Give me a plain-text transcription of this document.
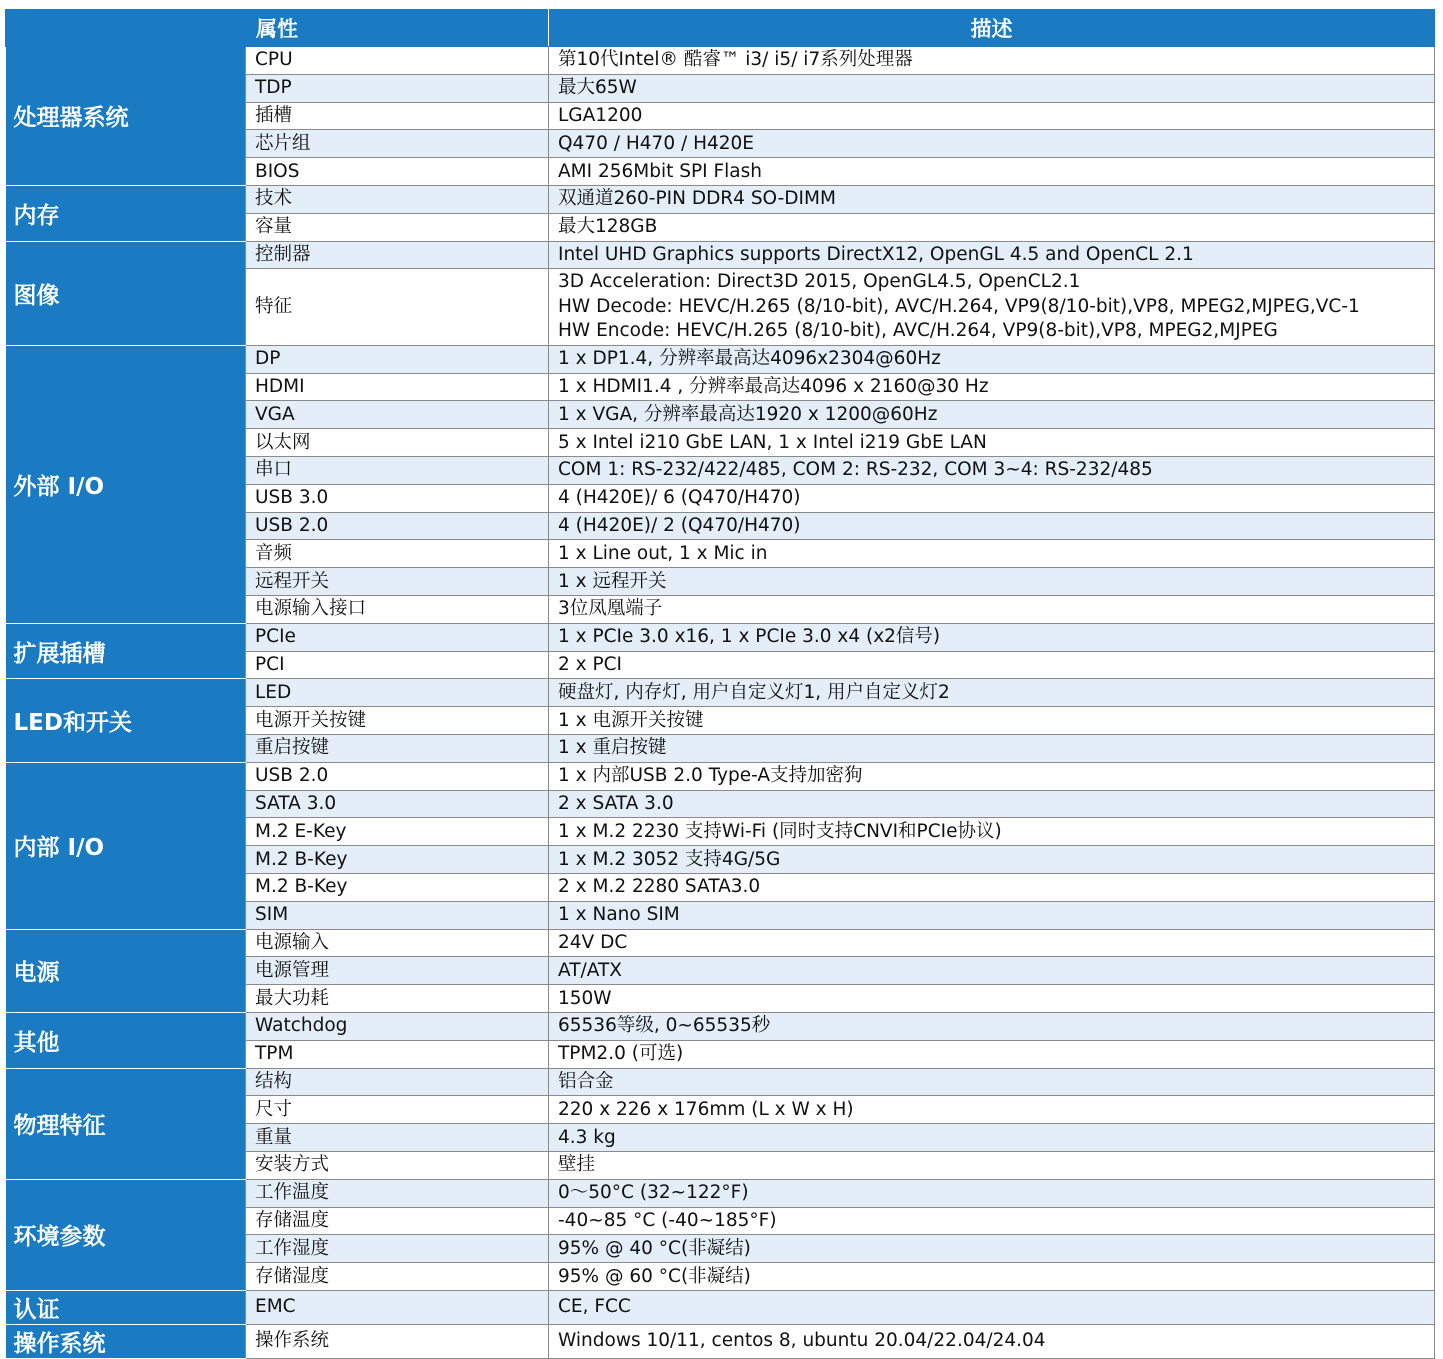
属性		描述
处理器系统	CPU	第10代Intel® 酷睿™ i3/ i5/ i7系列处理器
	TDP	最大65W
	插槽	LGA1200
	芯片组	Q470 / H470 / H420E
	BIOS	AMI 256Mbit SPI Flash
内存	技术	双通道260-PIN DDR4 SO-DIMM
	容量	最大128GB
图像	控制器	Intel UHD Graphics supports DirectX12, OpenGL 4.5 and OpenCL 2.1
	特征	3D Acceleration: Direct3D 2015, OpenGL4.5, OpenCL2.1
HW Decode: HEVC/H.265 (8/10-bit), AVC/H.264, VP9(8/10-bit),VP8, MPEG2,MJPEG,VC-1
HW Encode: HEVC/H.265 (8/10-bit), AVC/H.264, VP9(8-bit),VP8, MPEG2,MJPEG
外部 I/O	DP	1 x DP1.4, 分辨率最高达4096x2304@60Hz
	HDMI	1 x HDMI1.4 , 分辨率最高达4096 x 2160@30 Hz
	VGA	1 x VGA, 分辨率最高达1920 x 1200@60Hz
	以太网	5 x Intel i210 GbE LAN, 1 x Intel i219 GbE LAN
	串口	COM 1: RS-232/422/485, COM 2: RS-232, COM 3~4: RS-232/485
	USB 3.0	4 (H420E)/ 6 (Q470/H470)
	USB 2.0	4 (H420E)/ 2 (Q470/H470)
	音频	1 x Line out, 1 x Mic in
	远程开关	1 x 远程开关
	电源输入接口	3位凤凰端子
扩展插槽	PCIe	1 x PCIe 3.0 x16, 1 x PCIe 3.0 x4 (x2信号)
	PCI	2 x PCI
LED和开关	LED	硬盘灯, 内存灯, 用户自定义灯1, 用户自定义灯2
	电源开关按键	1 x 电源开关按键
	重启按键	1 x 重启按键
内部 I/O	USB 2.0	1 x 内部USB 2.0 Type-A支持加密狗
	SATA 3.0	2 x SATA 3.0
	M.2 E-Key	1 x M.2 2230 支持Wi-Fi (同时支持CNVI和PCIe协议)
	M.2 B-Key	1 x M.2 3052 支持4G/5G
	M.2 B-Key	2 x M.2 2280 SATA3.0
	SIM	1 x Nano SIM
电源	电源输入	24V DC
	电源管理	AT/ATX
	最大功耗	150W
其他	Watchdog	65536等级, 0~65535秒
	TPM	TPM2.0 (可选)
物理特征	结构	铝合金
	尺寸	220 x 226 x 176mm (L x W x H)
	重量	4.3 kg
	安装方式	壁挂
环境参数	工作温度	0～50°C (32~122°F)
	存储温度	-40~85 °C (-40~185°F)
	工作湿度	95% @ 40 °C(非凝结)
	存储湿度	95% @ 60 °C(非凝结)
认证	EMC	CE, FCC
操作系统	操作系统	Windows 10/11, centos 8, ubuntu 20.04/22.04/24.04
